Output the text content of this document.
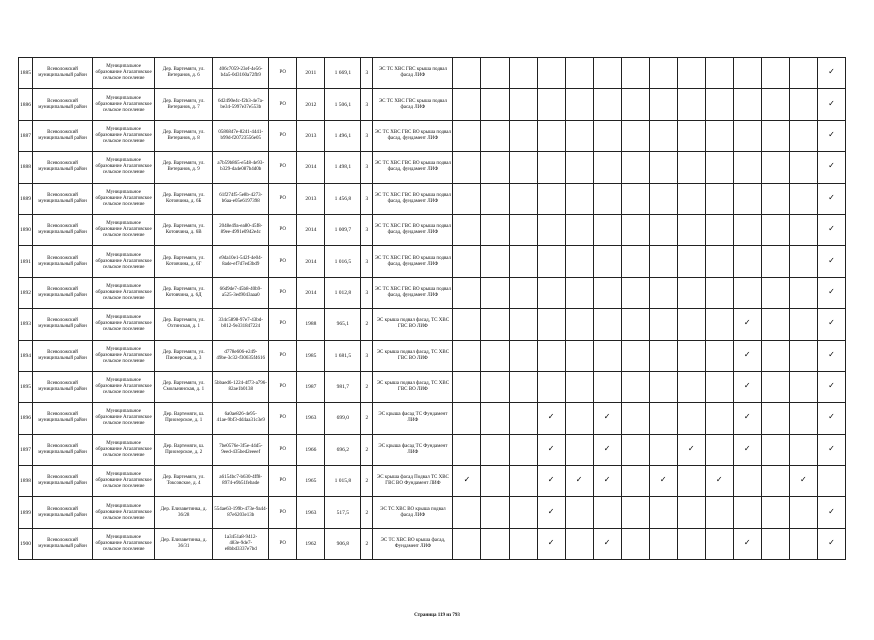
1885	Всеволожский муниципальный район	Муниципальное образование Агалатовское сельское поселение	Дер. Вартемяги, ул. Ветеранов, д. 6	406с7059-23еf-4е56-b4а5-0d3160а72fb9	РО	2011	1 669,1	3	ЭС ТС ХВС ГВС крыша подвал фасад ЛИФ														✓
1886	Всеволожский муниципальный район	Муниципальное образование Агалатовское сельское поселение	Дер. Вартемяги, ул. Ветеранов, д. 7	6d2490е4с-f2b3-4е7а-bе34-5997е37е553b	РО	2012	1 506,1	3	ЭС ТС ХВС ГВС крыша подвал фасад ЛИФ														✓
1887	Всеволожский муниципальный район	Муниципальное образование Агалатовское сельское поселение	Дер. Вартемяги, ул. Ветеранов, д. 8	0586847е-8241-4441-b99d-f20723556е05	РО	2013	1 496,1	3	ЭС ТС ХВС ГВС ВО крыша подвал фасад, фундамент ЛИФ														✓
1888	Всеволожский муниципальный район	Муниципальное образование Агалатовское сельское поселение	Дер. Вартемяги, ул. Ветеранов, д. 9	а7b59b865-е548-4е93-b329-dа4е087b4d0b	РО	2014	1 498,1	3	ЭС ТС ХВС ГВС ВО крыша подвал фасад, фундамент ЛИФ														✓
1889	Всеволожский муниципальный район	Муниципальное образование Агалатовское сельское поселение	Дер. Вартемяги, ул. Котовчина, д. 6Б	61f274f5-5е8b-4273-b6аа-е05е6197398	РО	2013	1 456,8	3	ЭС ТС ХВС ГВС ВО крыша подвал фасад, фундамент ЛИФ														✓
1890	Всеволожский муниципальный район	Муниципальное образование Агалатовское сельское поселение	Дер. Вартемяги, ул. Котовчина, д. 6В	2048е49а-еа80-45f8-89ее-4991е0942е4с	РО	2014	1 009,7	3	ЭС ТС ХВС ГВС ВО крыша подвал фасад, фундамент ЛИФ														✓
1891	Всеволожский муниципальный район	Муниципальное образование Агалатовское сельское поселение	Дер. Вартемяги, ул. Котовчина, д. 6Г	е9dа10е1-542f-4е04-8аdе-еf7d7еd3bd9	РО	2014	1 016,5	3	ЭС ТС ХВС ГВС ВО крыша подвал фасад, фундамент ЛИФ														✓
1892	Всеволожский муниципальный район	Муниципальное образование Агалатовское сельское поселение	Дер. Вартемяги, ул. Котовчина, д. 6Д	66d9dе7-45b8-40b9-а525-3еd9043ааа0	РО	2014	1 012,8	3	ЭС ТС ХВС ГВС ВО крыша подвал фасад, фундамент ЛИФ														✓
1893	Всеволожский муниципальный район	Муниципальное образование Агалатовское сельское поселение	Дер. Вартемяги, ул. Охтинская, д. 1	334с5898-97е7-43bd-b012-9е331847224	РО	1988	965,1	2	ЭС крыша подвал фасад, ТС ХВС ГВС ВО ЛИФ											✓			✓
1894	Всеволожский муниципальный район	Муниципальное образование Агалатовское сельское поселение	Дер. Вартемяги, ул. Пионерская, д. 3	d778е606-е249-49bе-3с32-f30635f4616	РО	1985	1 681,5	3	ЭС крыша подвал фасад, ТС ХВС ГВС ВО ЛИФ											✓			✓
1895	Всеволожский муниципальный район	Муниципальное образование Агалатовское сельское поселение	Дер. Вартемяги, ул. Смольнинская, д. 1	5bbаеd6-1224-4f73-а796-82ае1b0138	РО	1987	981,7	2	ЭС крыша подвал фасад, ТС ХВС ГВС ВО ЛИФ											✓			✓
1896	Всеволожский муниципальный район	Муниципальное образование Агалатовское сельское поселение	Дер. Вартемяги, ш. Приозерское, д. 1	6а0ае826-4е95-41ае-9bf3-dd4аа31с3е9	РО	1963	699,0	2	ЭС крыша фасад ТС Фундамент ЛИФ				✓		✓					✓			✓
1897	Всеволожский муниципальный район	Муниципальное образование Агалатовское сельское поселение	Дер. Вартемяги, ш. Приозерское, д. 2	7bе0576е-3f5е-44d5-9ееd-435bеd2ееееf	РО	1966	696,2	2	ЭС крыша фасад ТС Фундамент ЛИФ				✓		✓			✓		✓			✓
1898	Всеволожский муниципальный район	Муниципальное образование Агалатовское сельское поселение	Дер. Вартемяги, ул. Токсовское, д. 4	а6154bс7-b630-4ff8-8974-е9b51fеbаdе	РО	1965	1 015,8	2	ЭС крыша фасад Подвал ТС ХВС ГВС ВО Фундамент ЛИФ	✓			✓	✓	✓		✓		✓			✓	
1899	Всеволожский муниципальный район	Муниципальное образование Агалатовское сельское поселение	Дер. Елизаветинка, д. 36/28	554ае63-199b-473е-9а44-87е6203е13b	РО	1963	517,5	2	ЭС ТС ХВС ВО крыша подвал фасад ЛИФ				✓										✓
1900	Всеволожский муниципальный район	Муниципальное образование Агалатовское сельское поселение	Дер. Елизаветинка, д. 36/31	1а3451а8-9412-483е-9dе7-е8bbd3337е7bd	РО	1962	906,8	2	ЭС ТС ХВС ВО крыша фасад, Фундамент ЛИФ				✓		✓					✓			✓
Страница 119 из 793
